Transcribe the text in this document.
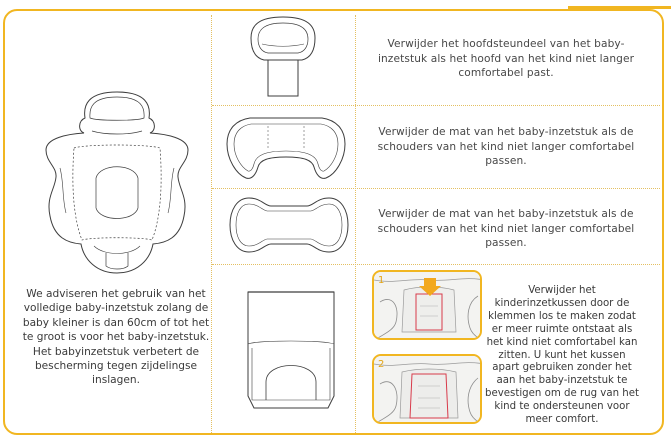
Verwijder het hoofdsteundeel van het baby-inzetstuk als het hoofd van het kind niet langer comfortabel past.
Verwijder de mat van het baby-inzetstuk als de schouders van het kind niet langer comfortabel passen.
Verwijder de mat van het baby-inzetstuk als de schouders van het kind niet langer comfortabel passen.
We adviseren het gebruik van het volledige baby-inzetstuk zolang de baby kleiner is dan 60cm of tot het te groot is voor het baby-inzetstuk. Het babyinzetstuk verbetert de bescherming tegen zijdelingse inslagen.
1
2
Verwijder het kinderinzetkussen door de klemmen los te maken zodat er meer ruimte ontstaat als het kind niet comfortabel kan zitten. U kunt het kussen apart gebruiken zonder het aan het baby-inzetstuk te bevestigen om de rug van het kind te ondersteunen voor meer comfort.
